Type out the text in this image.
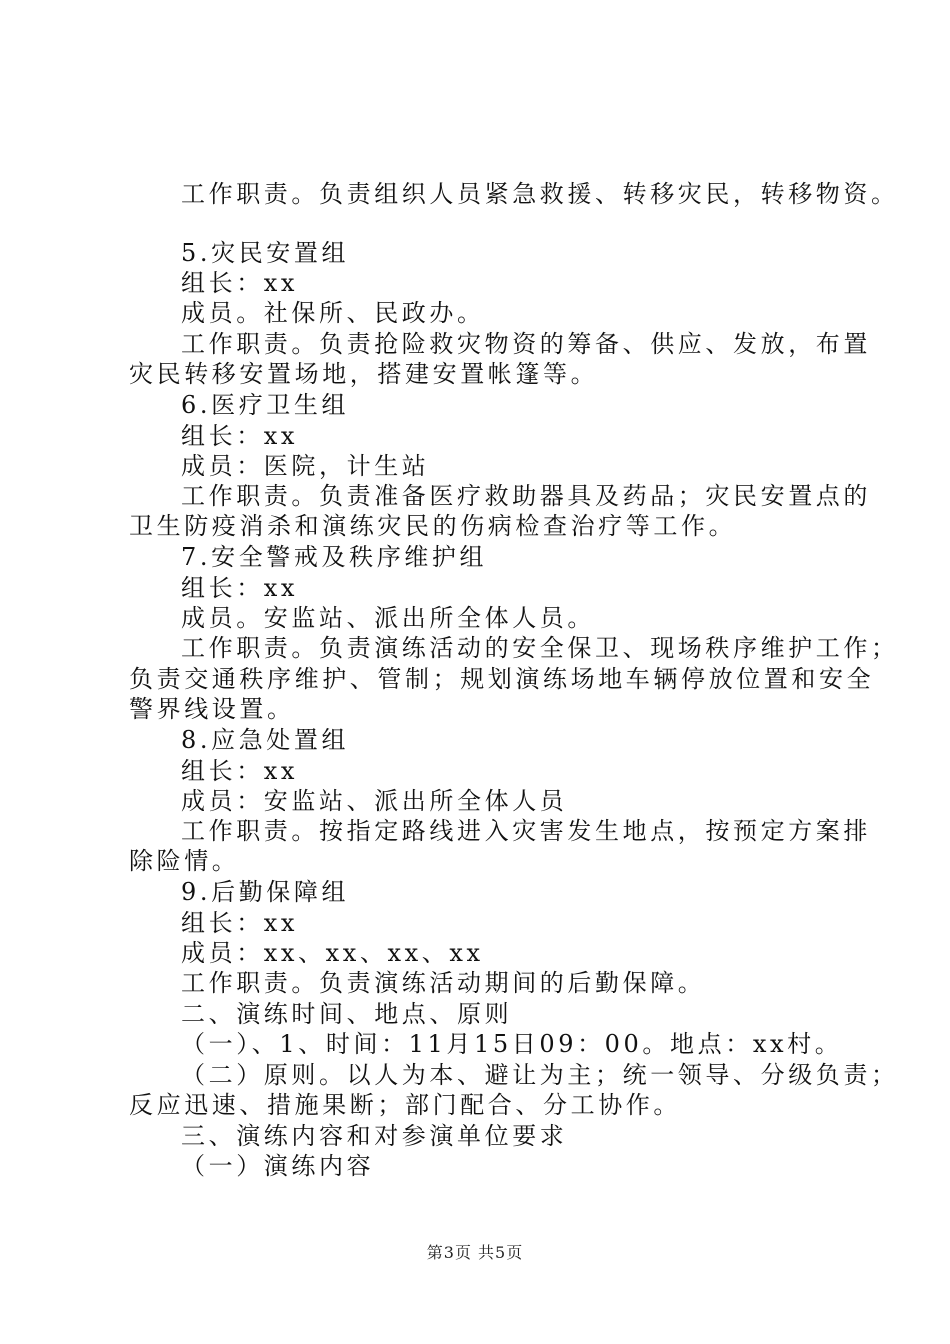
工作职责。负责组织人员紧急救援、转移灾民，转移物资。
5.灾民安置组
组长：xx
成员。社保所、民政办。
工作职责。负责抢险救灾物资的筹备、供应、发放，布置
灾民转移安置场地，搭建安置帐篷等。
6.医疗卫生组
组长：xx
成员：医院，计生站
工作职责。负责准备医疗救助器具及药品；灾民安置点的
卫生防疫消杀和演练灾民的伤病检查治疗等工作。
7.安全警戒及秩序维护组
组长：xx
成员。安监站、派出所全体人员。
工作职责。负责演练活动的安全保卫、现场秩序维护工作；
负责交通秩序维护、管制；规划演练场地车辆停放位置和安全
警界线设置。
8.应急处置组
组长：xx
成员：安监站、派出所全体人员
工作职责。按指定路线进入灾害发生地点，按预定方案排
除险情。
9.后勤保障组
组长：xx
成员：xx、xx、xx、xx
工作职责。负责演练活动期间的后勤保障。
二、演练时间、地点、原则
（一）、1、时间：11月15日09：00。地点：xx村。
（二）原则。以人为本、避让为主；统一领导、分级负责；
反应迅速、措施果断；部门配合、分工协作。
三、演练内容和对参演单位要求
（一）演练内容
第3页 共5页
